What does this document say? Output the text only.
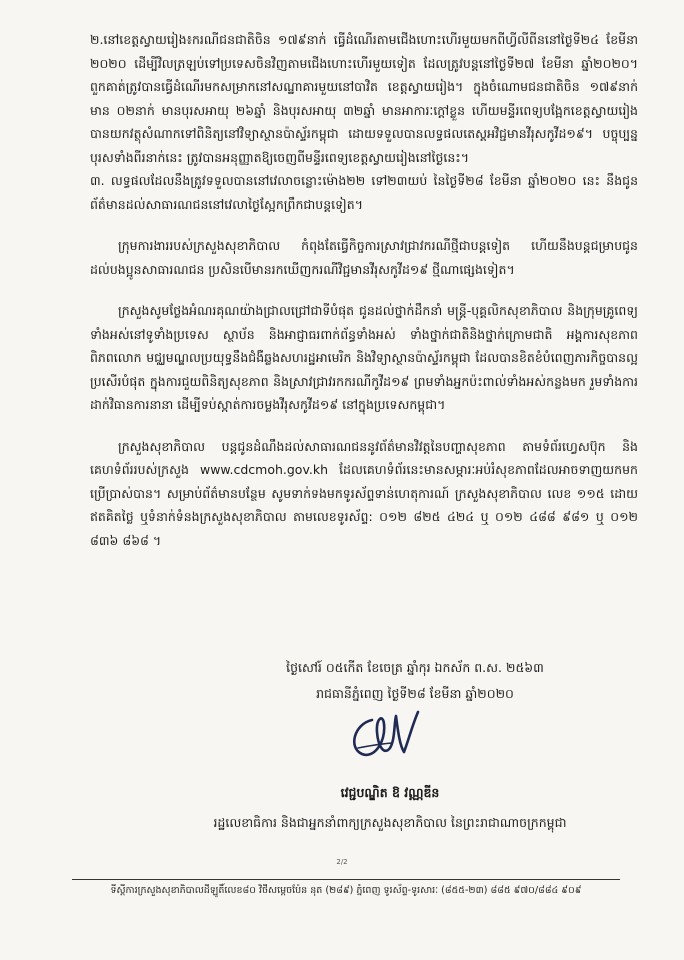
២.នៅខេត្តស្វាយរៀង៖ករណីជនជាតិចិន ១៧៩នាក់ ធ្វើដំណើរតាមជើងហោះហើរមួយមកពីហ្វីលីពីននៅថ្ងៃទី២៤ ខែមីនា ២០២០ ដើម្បីវិលត្រឡប់ទៅប្រទេសចិនវិញតាមជើងហោះហើរមួយទៀត ដែលត្រូវបន្តនៅថ្ងៃទី២៧ ខែមីនា ឆ្នាំ២០២០។ ពួកគាត់ត្រូវបានធ្វើដំណើរមកសម្រាកនៅសណ្ឋាគារមួយនៅបាវិត ខេត្តស្វាយរៀង។ ក្នុងចំណោមជនជាតិចិន ១៧៩នាក់ មាន ០២នាក់ មានបុរសអាយុ ២៦ឆ្នាំ និងបុរសអាយុ ៣២ឆ្នាំ មានអាការៈក្តៅខ្លួន ហើយមន្ទីរពេទ្យបង្អែកខេត្តស្វាយរៀង បានយកវត្ថុសំណាកទៅពិនិត្យនៅវិទ្យាស្ថានប៉ាស្ទ័រកម្ពុជា ដោយទទួលបានលទ្ធផលតេស្តអវិជ្ជមានវីរុសកូវីដ១៩។ បច្ចុប្បន្ន បុរសទាំងពីរនាក់នេះ ត្រូវបានអនុញ្ញាតឱ្យចេញពីមន្ទីរពេទ្យខេត្តស្វាយរៀងនៅថ្ងៃនេះ។

៣. លទ្ធផលដែលនឹងត្រូវទទួលបាននៅវេលាចន្លោះម៉ោង២២ ទៅ២៣យប់ នៃថ្ងៃទី២៨ ខែមីនា ឆ្នាំ២០២០ នេះ នឹងជូនព័ត៌មានដល់សាធារណជននៅវេលាថ្ងៃស្អែកព្រឹកជាបន្តទៀត។

ក្រុមការងាររបស់ក្រសួងសុខាភិបាល កំពុងតែធ្វើកិច្ចការស្រាវជ្រាវករណីថ្មីជាបន្តទៀត ហើយនឹងបន្តជម្រាបជូនដល់បងប្អូនសាធារណជន ប្រសិនបើមានរកឃើញករណីវិជ្ជមានវីរុសកូវីដ១៩ ថ្មីណាផ្សេងទៀត។

ក្រសួងសូមថ្លែងអំណរគុណយ៉ាងជ្រាលជ្រៅជាទីបំផុត ជូនដល់ថ្នាក់ដឹកនាំ មន្ត្រី-បុគ្គលិកសុខាភិបាល និងក្រុមគ្រូពេទ្យទាំងអស់នៅទូទាំងប្រទេស ស្ថាប័ន និងអាជ្ញាធរពាក់ព័ន្ធទាំងអស់ ទាំងថ្នាក់ជាតិនិងថ្នាក់ក្រោមជាតិ អង្គការសុខភាពពិភពលោក មជ្ឈមណ្ឌលប្រយុទ្ធនឹងជំងឺឆ្លងសហរដ្ឋអាមេរិក និងវិទ្យាស្ថានប៉ាស្ទ័រកម្ពុជា ដែលបានខិតខំបំពេញភារកិច្ចបានល្អប្រសើរបំផុត ក្នុងការជួយពិនិត្យសុខភាព និងស្រាវជ្រាវរកករណីកូវីដ១៩ ព្រមទាំងអ្នកប៉ះពាល់ទាំងអស់កន្លងមក រួមទាំងការដាក់វិធានការនានា ដើម្បីទប់ស្កាត់ការចម្លងវីរុសកូវីដ១៩ នៅក្នុងប្រទេសកម្ពុជា។

ក្រសួងសុខាភិបាល បន្តជូនដំណឹងដល់សាធារណជននូវព័ត៌មានវិវត្តនៃបញ្ហាសុខភាព តាមទំព័រហ្វេសប៊ុក និងគេហទំព័ររបស់ក្រសួង www.cdcmoh.gov.kh ដែលគេហទំព័រនេះមានសម្ភារៈអប់រំសុខភាពដែលអាចទាញយកមកប្រើប្រាស់បាន។ សម្រាប់ព័ត៌មានបន្ថែម សូមទាក់ទងមកទូរស័ព្ទទាន់ហេតុការណ៍ ក្រសួងសុខាភិបាល លេខ ១១៥ ដោយឥតគិតថ្លៃ ឬទំនាក់ទំនងក្រសួងសុខាភិបាល តាមលេខទូរស័ព្ទ: ០១២ ៨២៥ ៤២៤ ឬ ០១២ ៤៨៨ ៩៨១ ឬ ០១២ ៨៣៦ ៨៦៨ ។

ថ្ងៃសៅរ៍ ០៥កើត ខែចេត្រ ឆ្នាំកុរ ឯកស័ក ព.ស. ២៥៦៣
រាជធានីភ្នំពេញ ថ្ងៃទី២៨ ខែមីនា ឆ្នាំ២០២០
វេជ្ជបណ្ឌិត ឱ វណ្ណឌីន
រដ្ឋលេខាធិការ និងជាអ្នកនាំពាក្យក្រសួងសុខាភិបាល នៃព្រះរាជាណាចក្រកម្ពុជា
2/2
ទីស្តីការក្រសួងសុខាភិបាលដីឡូតិ៍លេខ៨០ វិថីសម្តេចប៉ែន នុត (២៨៩) ភ្នំពេញ ទូរស័ព្ទ-ទូរសារៈ (៨៥៥-២៣) ៨៨៥ ៩៧០/៨៨៤ ៩០៩
